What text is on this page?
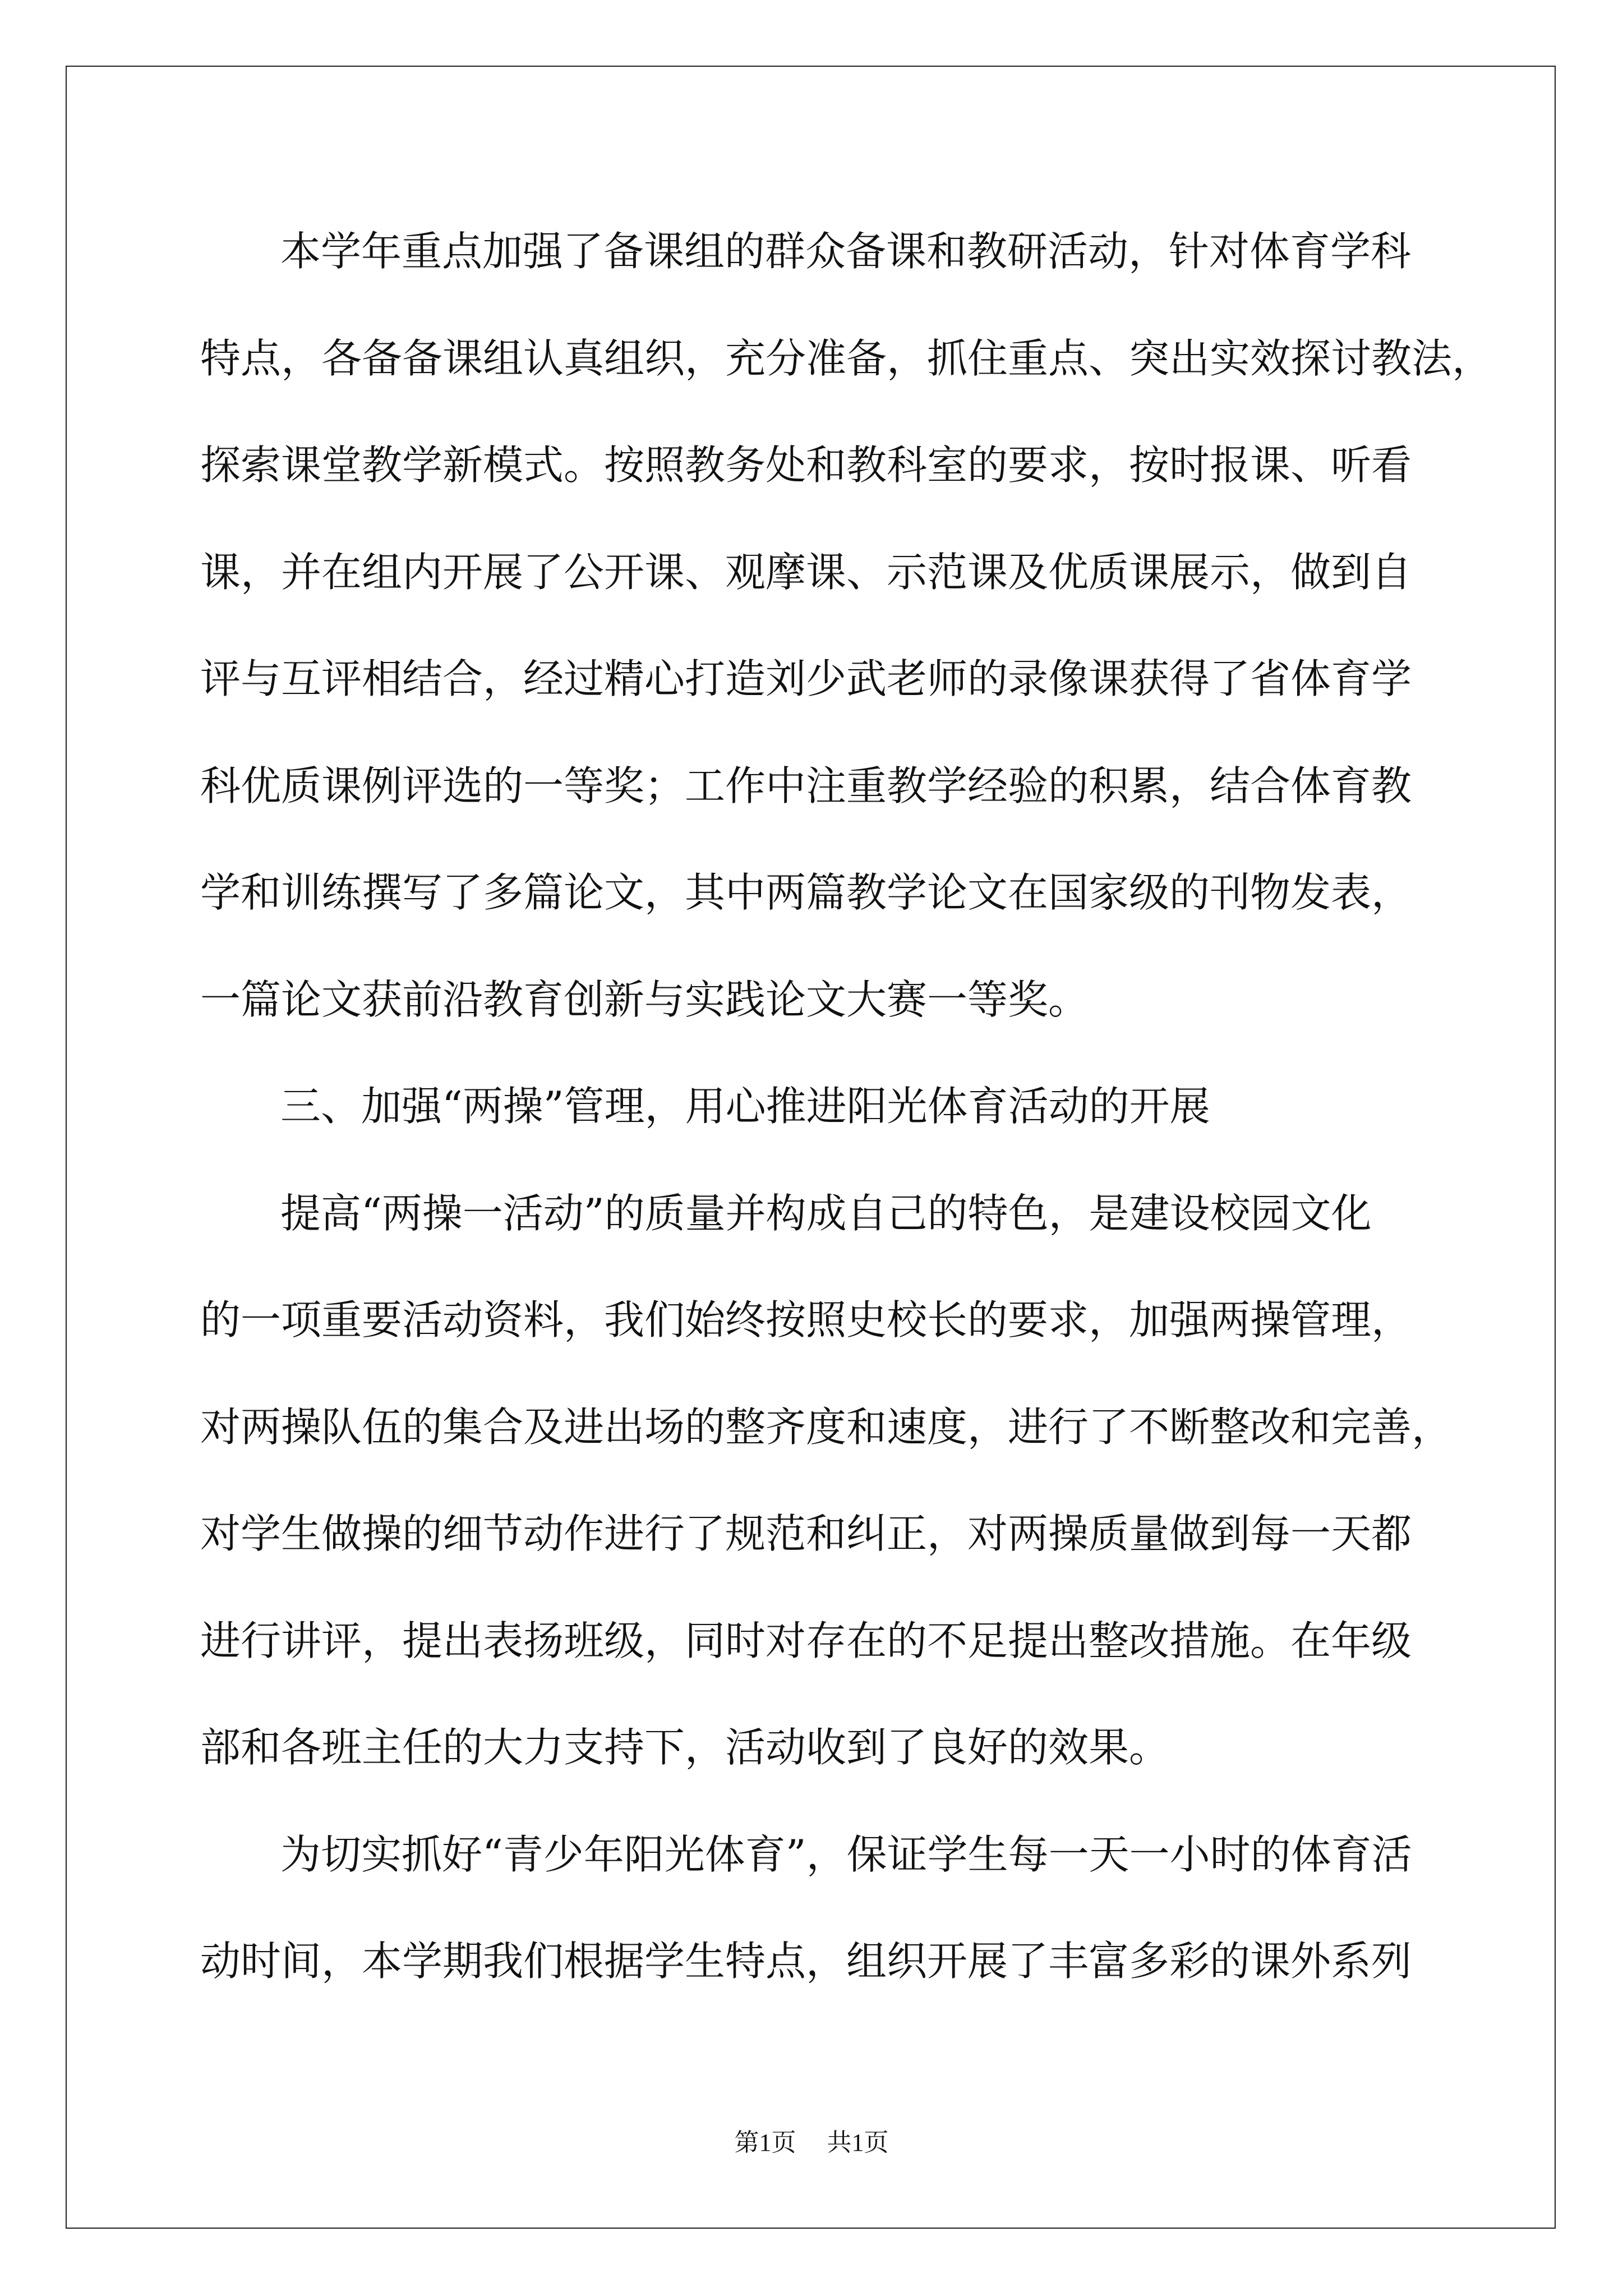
本学年重点加强了备课组的群众备课和教研活动，针对体育学科
特点，各备备课组认真组织，充分准备，抓住重点、突出实效探讨教法，
探索课堂教学新模式。按照教务处和教科室的要求，按时报课、听看
课，并在组内开展了公开课、观摩课、示范课及优质课展示，做到自
评与互评相结合，经过精心打造刘少武老师的录像课获得了省体育学
科优质课例评选的一等奖；工作中注重教学经验的积累，结合体育教
学和训练撰写了多篇论文，其中两篇教学论文在国家级的刊物发表，
一篇论文获前沿教育创新与实践论文大赛一等奖。
三、加强“两操”管理，用心推进阳光体育活动的开展
提高“两操一活动”的质量并构成自己的特色，是建设校园文化
的一项重要活动资料，我们始终按照史校长的要求，加强两操管理，
对两操队伍的集合及进出场的整齐度和速度，进行了不断整改和完善，
对学生做操的细节动作进行了规范和纠正，对两操质量做到每一天都
进行讲评，提出表扬班级，同时对存在的不足提出整改措施。在年级
部和各班主任的大力支持下，活动收到了良好的效果。
为切实抓好“青少年阳光体育”，保证学生每一天一小时的体育活
动时间，本学期我们根据学生特点，组织开展了丰富多彩的课外系列
第1页 共1页
